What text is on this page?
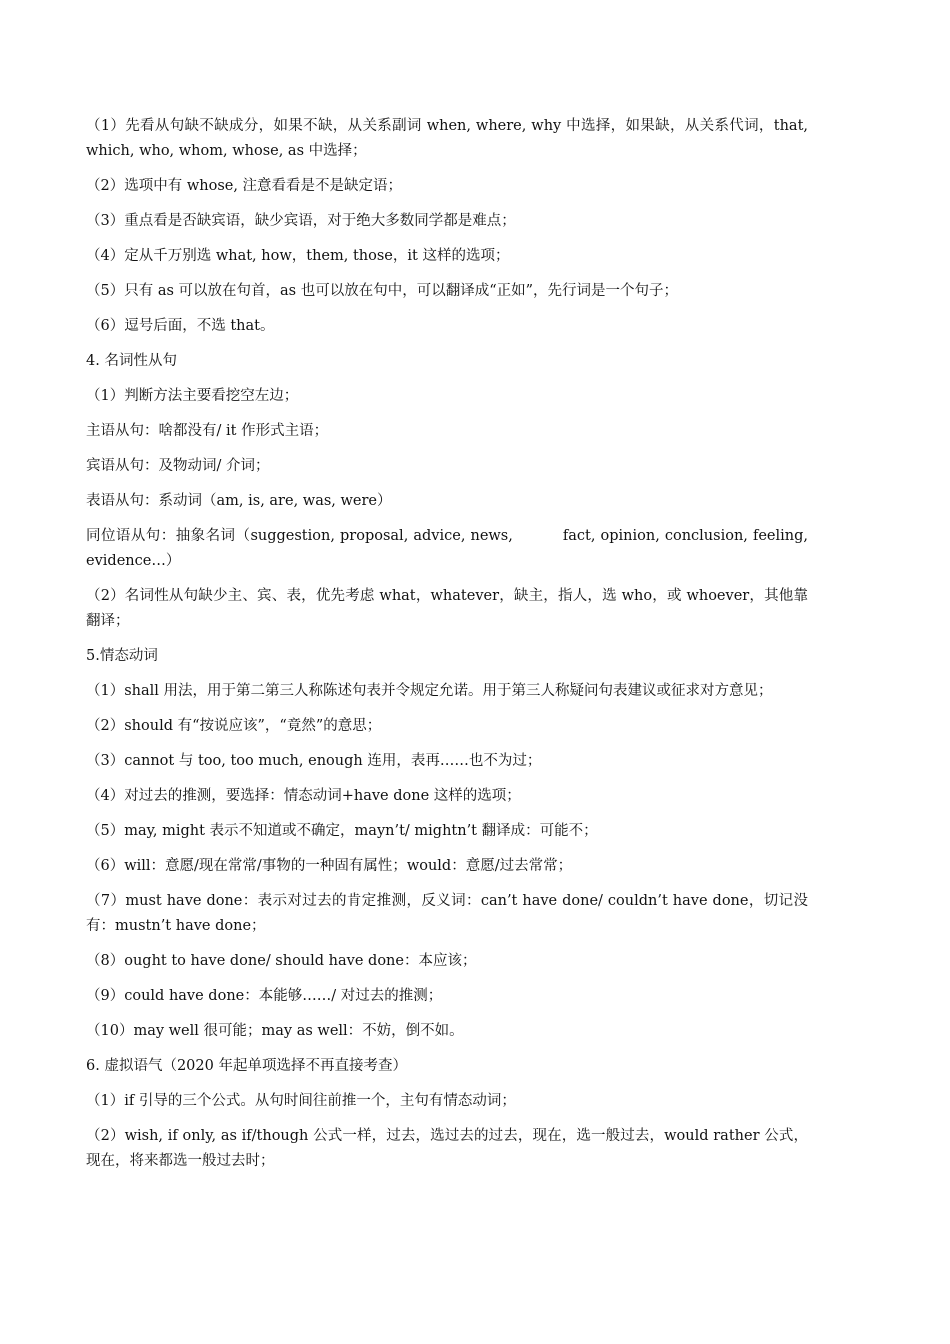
（1）先看从句缺不缺成分，如果不缺，从关系副词 when, where, why 中选择，如果缺，从关系代词，that, which, who, whom, whose, as 中选择；

（2）选项中有 whose, 注意看看是不是缺定语；

（3）重点看是否缺宾语，缺少宾语，对于绝大多数同学都是难点；

（4）定从千万别选 what, how，them, those，it 这样的选项；

（5）只有 as 可以放在句首，as 也可以放在句中，可以翻译成“正如”，先行词是一个句子；

（6）逗号后面，不选 that。

4. 名词性从句

（1）判断方法主要看挖空左边；

主语从句：啥都没有/ it 作形式主语；

宾语从句：及物动词/ 介词；

表语从句：系动词（am, is, are, was, were）

同位语从句：抽象名词（suggestion, proposal, advice, news,	fact, opinion, conclusion, feeling, evidence…）

（2）名词性从句缺少主、宾、表，优先考虑 what，whatever，缺主，指人，选 who，或 whoever，其他靠翻译；

5.情态动词

（1）shall 用法，用于第二第三人称陈述句表并令规定允诺。用于第三人称疑问句表建议或征求对方意见；

（2）should 有“按说应该”，“竟然”的意思；

（3）cannot 与 too, too much, enough 连用，表再……也不为过；

（4）对过去的推测，要选择：情态动词+have done 这样的选项；

（5）may, might 表示不知道或不确定，mayn’t/ mightn’t 翻译成：可能不；

（6）will：意愿/现在常常/事物的一种固有属性；would：意愿/过去常常；

（7）must have done：表示对过去的肯定推测，反义词：can’t have done/ couldn’t have done，切记没有：mustn’t have done；

（8）ought to have done/ should have done：本应该；

（9）could have done：本能够……/ 对过去的推测；

（10）may well 很可能；may as well：不妨，倒不如。

6. 虚拟语气（2020 年起单项选择不再直接考查）

（1）if 引导的三个公式。从句时间往前推一个，主句有情态动词；

（2）wish, if only, as if/though 公式一样，过去，选过去的过去，现在，选一般过去，would rather 公式，现在，将来都选一般过去时；
